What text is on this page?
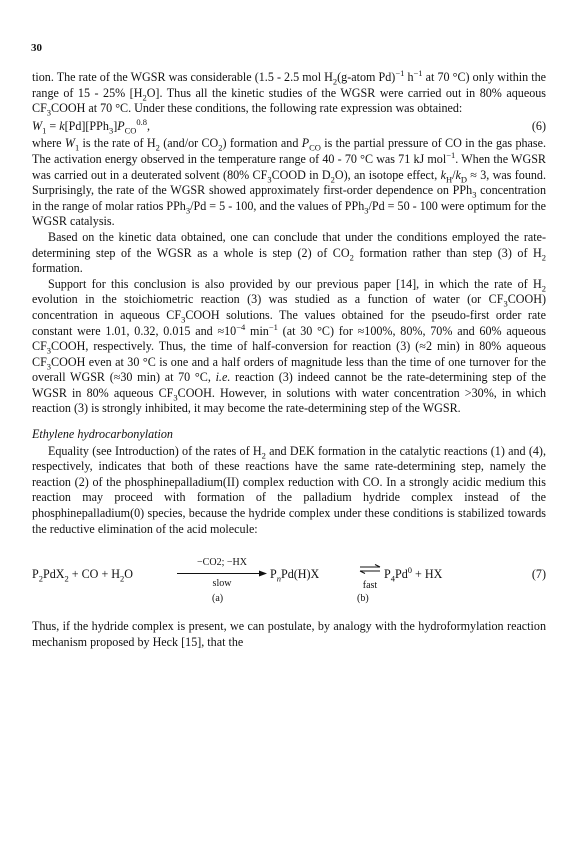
30

tion. The rate of the WGSR was considerable (1.5 - 2.5 mol $H_2(g$-atom Pd)$^{-1}$ $h^{-1}$ at 70 °C) only within the range of 15 - 25% $[H_2O]$. Thus all the kinetic studies of the WGSR were carried out in 80% aqueous $CF_3COOH$ at 70 °C. Under these conditions, the following rate expression was obtained:

$W_1 = k[Pd][PPh_3]P_{CO}^{0.8}$,	(6)

where $W_1$ is the rate of $H_2$ (and/or $CO_2$) formation and $P_{CO}$ is the partial pressure of CO in the gas phase. The activation energy observed in the temperature range of 40 - 70 °C was 71 kJ mol$^{-1}$. When the WGSR was carried out in a deuterated solvent (80% $CF_3COOD$ in $D_2O$), an isotope effect, $k_H/k_D \approx 3$, was found. Surprisingly, the rate of the WGSR showed approximately first-order dependence on PPh$_3$ concentration in the range of molar ratios PPh$_3$/Pd = 5 - 100, and the values of PPh$_3$/Pd = 50 - 100 were optimum for the WGSR catalysis.

Based on the kinetic data obtained, one can conclude that under the conditions employed the rate-determining step of the WGSR as a whole is step (2) of $CO_2$ formation rather than step (3) of $H_2$ formation.

Support for this conclusion is also provided by our previous paper [14], in which the rate of $H_2$ evolution in the stoichiometric reaction (3) was studied as a function of water (or $CF_3COOH$) concentration in aqueous $CF_3COOH$ solutions. The values obtained for the pseudo-first order rate constant were 1.01, 0.32, 0.015 and $\approx 10^{-4}$ $\min^{-1} (at$ 30 °C) for ≈100%, 80%, 70% and 60% aqueous $CF_3COOH$, respectively. Thus, the time of half-conversion for reaction (3) (≈2 min) in 80% aqueous $CF_3COOH$ even at 30 °C is one and a half orders of magnitude less than the time of one turnover for the overall WGSR (≈30 min) at 70 °C, i.e. reaction (3) indeed cannot be the rate-determining step of the WGSR in 80% aqueous $CF_3COOH$. However, in solutions with water concentration >30%, in which reaction (3) is strongly inhibited, it may become the rate-determining step of the WGSR.

Ethylene hydrocarbonylation

Equality (see Introduction) of the rates of $H_2$ and DEK formation in the catalytic reactions (1) and (4), respectively, indicates that both of these reactions have the same rate-determining step, namely the reaction (2) of the phosphinepalladium(II) complex reduction with CO. In a strongly acidic medium this reaction may proceed with formation of the palladium hydride complex instead of the phosphinepalladium(0) species, because the hydride complex under these conditions is stabilized towards the reductive elimination of the acid molecule:

$P_2PdX_2$ + CO + $H_2O$
−CO2; −HX
slow
$P_nPd(H)X$
fast
$P_4Pd^0$ + HX	(7)
(a)	(b)

Thus, if the hydride complex is present, we can postulate, by analogy with the hydroformylation reaction mechanism proposed by Heck [15], that the
